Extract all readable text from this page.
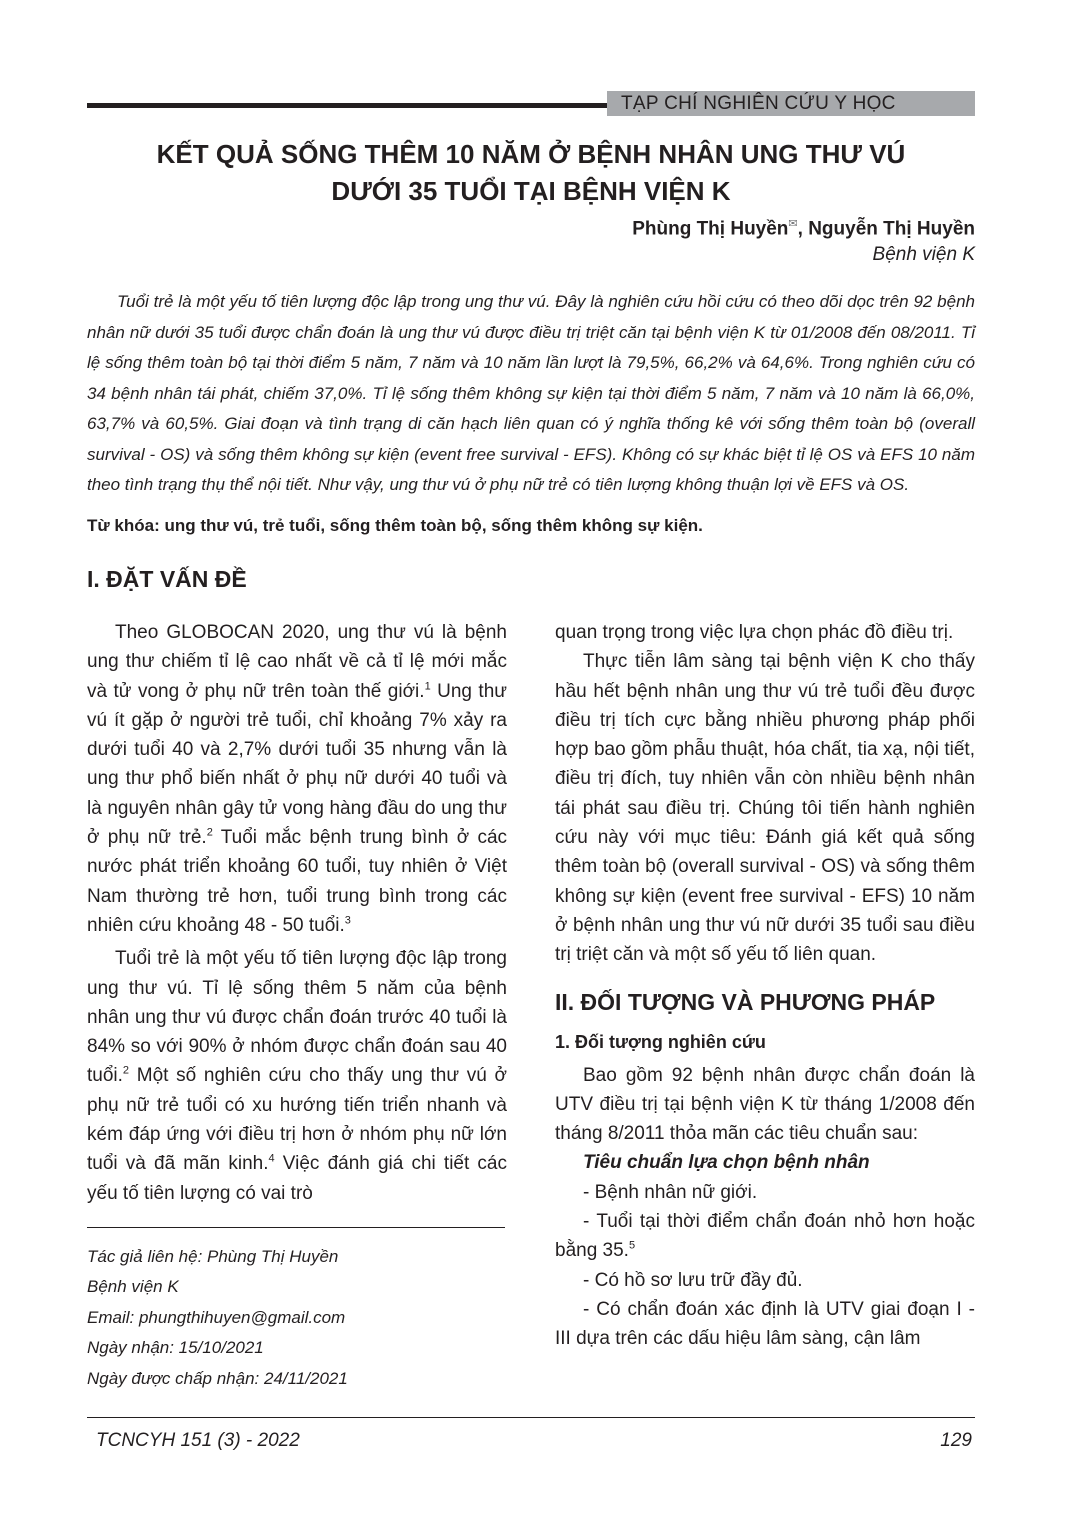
TẠP CHÍ NGHIÊN CỨU Y HỌC
KẾT QUẢ SỐNG THÊM 10 NĂM Ở BỆNH NHÂN UNG THƯ VÚ
DƯỚI 35 TUỔI TẠI BỆNH VIỆN K
Phùng Thị Huyền✉, Nguyễn Thị Huyền
Bệnh viện K

Tuổi trẻ là một yếu tố tiên lượng độc lập trong ung thư vú. Đây là nghiên cứu hồi cứu có theo dõi dọc trên 92 bệnh nhân nữ dưới 35 tuổi được chẩn đoán là ung thư vú được điều trị triệt căn tại bệnh viện K từ 01/2008 đến 08/2011. Tỉ lệ sống thêm toàn bộ tại thời điểm 5 năm, 7 năm và 10 năm lần lượt là 79,5%, 66,2% và 64,6%. Trong nghiên cứu có 34 bệnh nhân tái phát, chiếm 37,0%. Tỉ lệ sống thêm không sự kiện tại thời điểm 5 năm, 7 năm và 10 năm là 66,0%, 63,7% và 60,5%. Giai đoạn và tình trạng di căn hạch liên quan có ý nghĩa thống kê với sống thêm toàn bộ (overall survival - OS) và sống thêm không sự kiện (event free survival - EFS). Không có sự khác biệt tỉ lệ OS và EFS 10 năm theo tình trạng thụ thể nội tiết. Như vậy, ung thư vú ở phụ nữ trẻ có tiên lượng không thuận lợi về EFS và OS.

Từ khóa: ung thư vú, trẻ tuổi, sống thêm toàn bộ, sống thêm không sự kiện.
I. ĐẶT VẤN ĐỀ

Theo GLOBOCAN 2020, ung thư vú là bệnh ung thư chiếm tỉ lệ cao nhất về cả tỉ lệ mới mắc và tử vong ở phụ nữ trên toàn thế giới.$^1$ Ung thư vú ít gặp ở người trẻ tuổi, chỉ khoảng 7% xảy ra dưới tuổi 40 và 2,7% dưới tuổi 35 nhưng vẫn là ung thư phổ biến nhất ở phụ nữ dưới 40 tuổi và là nguyên nhân gây tử vong hàng đầu do ung thư ở phụ nữ trẻ.$^2$ Tuổi mắc bệnh trung bình ở các nước phát triển khoảng 60 tuổi, tuy nhiên ở Việt Nam thường trẻ hơn, tuổi trung bình trong các nhiên cứu khoảng 48 - 50 tuổi.$^3$

Tuổi trẻ là một yếu tố tiên lượng độc lập trong ung thư vú. Tỉ lệ sống thêm 5 năm của bệnh nhân ung thư vú được chẩn đoán trước 40 tuổi là 84% so với 90% ở nhóm được chẩn đoán sau 40 tuổi.$^2$ Một số nghiên cứu cho thấy ung thư vú ở phụ nữ trẻ tuổi có xu hướng tiến triển nhanh và kém đáp ứng với điều trị hơn ở nhóm phụ nữ lớn tuổi và đã mãn kinh.$^4$ Việc đánh giá chi tiết các yếu tố tiên lượng có vai trò

quan trọng trong việc lựa chọn phác đồ điều trị.

Thực tiễn lâm sàng tại bệnh viện K cho thấy hầu hết bệnh nhân ung thư vú trẻ tuổi đều được điều trị tích cực bằng nhiều phương pháp phối hợp bao gồm phẫu thuật, hóa chất, tia xạ, nội tiết, điều trị đích, tuy nhiên vẫn còn nhiều bệnh nhân tái phát sau điều trị. Chúng tôi tiến hành nghiên cứu này với mục tiêu: Đánh giá kết quả sống thêm toàn bộ (overall survival - OS) và sống thêm không sự kiện (event free survival - EFS) 10 năm ở bệnh nhân ung thư vú nữ dưới 35 tuổi sau điều trị triệt căn và một số yếu tố liên quan.

II. ĐỐI TƯỢNG VÀ PHƯƠNG PHÁP
1. Đối tượng nghiên cứu

Bao gồm 92 bệnh nhân được chẩn đoán là UTV điều trị tại bệnh viện K từ tháng 1/2008 đến tháng 8/2011 thỏa mãn các tiêu chuẩn sau:

Tiêu chuẩn lựa chọn bệnh nhân

- Bệnh nhân nữ giới.

- Tuổi tại thời điểm chẩn đoán nhỏ hơn hoặc bằng 35.$^5$

- Có hồ sơ lưu trữ đầy đủ.

- Có chẩn đoán xác định là UTV giai đoạn I - III dựa trên các dấu hiệu lâm sàng, cận lâm

Tác giả liên hệ: Phùng Thị Huyền
Bệnh viện K
Email: phungthihuyen@gmail.com
Ngày nhận: 15/10/2021
Ngày được chấp nhận: 24/11/2021
TCNCYH 151 (3) - 2022	129
